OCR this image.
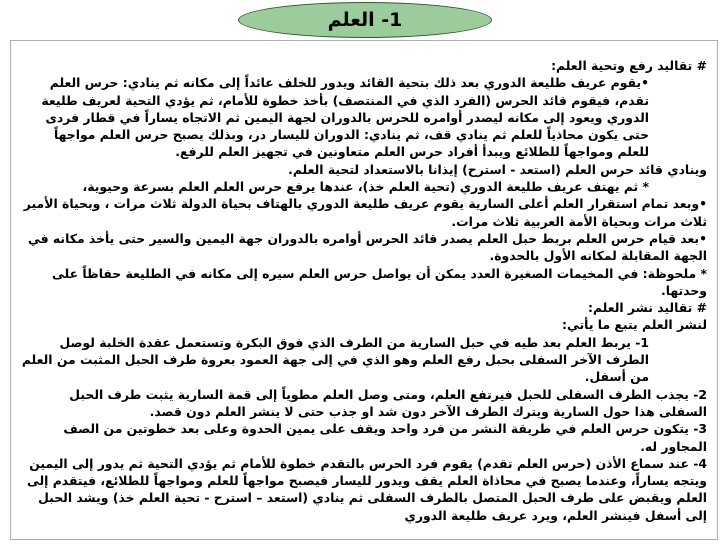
1- العلم

# تقاليد رفع وتحية العلم:

•يقوم عريف طليعة الدوري بعد ذلك بتحية القائد ويدور للخلف عائداً إلى مكانه ثم ينادي: حرس العلم تقدم، فيقوم قائد الحرس (الفرد الذي في المنتصف) بأخذ خطوة للأمام، ثم يؤدي التحية لعريف طليعة الدوري ويعود إلى مكانه ليصدر أوامره للحرس بالدوران لجهة اليمين ثم الاتجاه يساراً في قطار فردى حتى يكون محاذياً للعلم ثم ينادي قف، ثم ينادي: الدوران لليسار در، وبذلك يصبح حرس العلم مواجهاً للعلم ومواجهاً للطلائع ويبدأ أفراد حرس العلم متعاونين في تجهيز العلم للرفع.

وينادي قائد حرس العلم (استعد - استرح) إيذانا بالاستعداد لتحية العلم.

* ثم يهتف عريف طليعة الدوري (تحية العلم خذ)، عندها يرفع حرس العلم العلم بسرعة وحيوية،

•وبعد تمام استقرار العلم أعلى السارية يقوم عريف طليعة الدوري بالهتاف بحياة الدولة ثلاث مرات ، وبحياة الأمير ثلاث مرات وبحياة الأمة العربية ثلاث مرات.

•بعد قيام حرس العلم بربط حبل العلم يصدر قائد الحرس أوامره بالدوران جهة اليمين والسير حتى يأخذ مكانه في الجهة المقابلة لمكانه الأول بالحدوة.

* ملحوظة: في المخيمات الصغيرة العدد يمكن أن يواصل حرس العلم سيره إلى مكانه في الطليعة حفاظاً على وحدتها.

# تقاليد نشر العلم:

لنشر العلم يتبع ما يأتي:

1- يربط العلم بعد طيه في حبل السارية من الطرف الذي فوق البكرة وتستعمل عقدة الخلبة لوصل الطرف الآخر السفلى بحبل رفع العلم وهو الذي في إلى جهة العمود بعروة طرف الحبل المثبت من العلم من أسفل.

2- يجذب الطرف السفلى للحبل فيرتفع العلم، ومتى وصل العلم مطوياً إلى قمة السارية يثبت طرف الحبل السفلى هذا حول السارية ويترك الطرف الآخر دون شد او جذب حتى لا ينشر العلم دون قصد.

3- يتكون حرس العلم في طريقة النشر من فرد واحد ويقف على يمين الحدوة وعلى بعد خطوتين من الصف المجاور له.

4- عند سماع الأذن (حرس العلم تقدم) يقوم فرد الحرس بالتقدم خطوة للأمام ثم يؤدي التحية ثم يدور إلى اليمين ويتجه يساراً، وعندما يصبح في محاذاة العلم يقف ويدور لليسار فيصبح مواجهاً للعلم ومواجهاً للطلائع، فيتقدم إلى العلم ويقبض على طرف الحبل المتصل بالطرف السفلى ثم ينادي (استعد – استرح - تحية العلم خذ) ويشد الحبل إلى أسفل فينشر العلم، ويرد عريف طليعة الدوري
